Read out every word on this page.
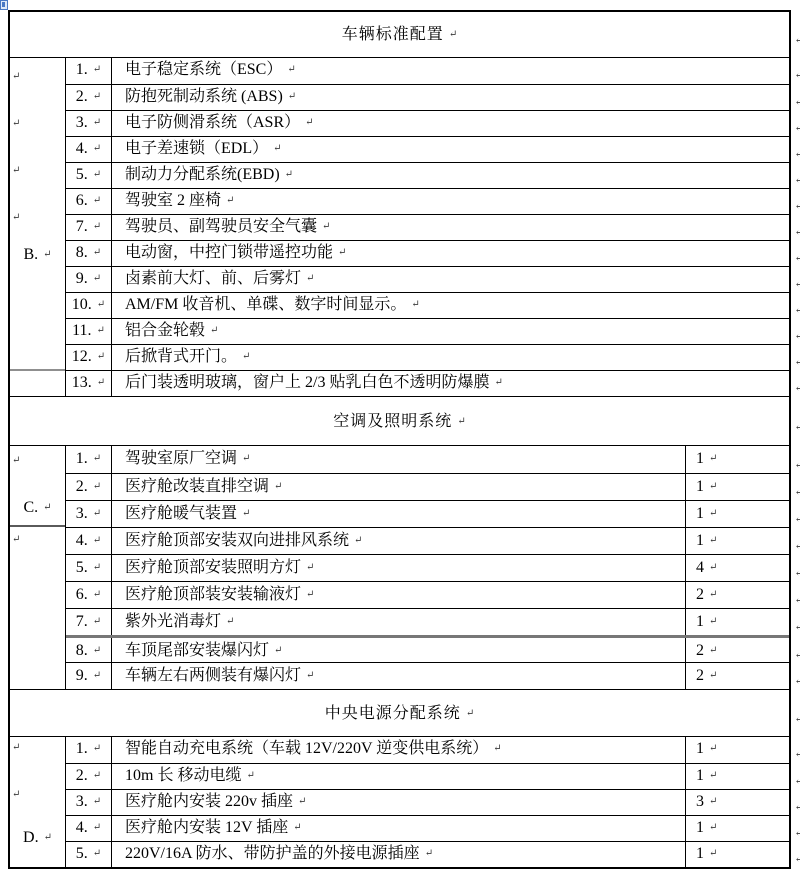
车辆标准配置 ↵ ↵
↵
↵
↵
↵
B. ↵
1. ↵	电子稳定系统（ESC） ↵
↵
2. ↵	防抱死制动系统 (ABS) ↵
↵
3. ↵	电子防侧滑系统（ASR） ↵
↵
4. ↵	电子差速锁（EDL） ↵
↵
5. ↵	制动力分配系统(EBD) ↵
↵
6. ↵	驾驶室 2 座椅 ↵
↵
7. ↵	驾驶员、副驾驶员安全气囊 ↵
↵
8. ↵	电动窗，中控门锁带遥控功能 ↵
↵
9. ↵	卤素前大灯、前、后雾灯 ↵
↵
10. ↵	AM/FM 收音机、单碟、数字时间显示。 ↵
↵
11. ↵	铝合金轮毂 ↵
↵
12. ↵	后掀背式开门。 ↵
↵
13. ↵	后门装透明玻璃，窗户上 2/3 贴乳白色不透明防爆膜 ↵
↵
空调及照明系统 ↵ ↵
↵
C. ↵
↵
1. ↵	驾驶室原厂空调 ↵	1 ↵
↵
2. ↵	医疗舱改装直排空调 ↵	1 ↵
↵
3. ↵	医疗舱暖气装置 ↵	1 ↵
↵
4. ↵	医疗舱顶部安装双向进排风系统 ↵	1 ↵
↵
5. ↵	医疗舱顶部安装照明方灯 ↵	4 ↵
↵
6. ↵	医疗舱顶部装安装输液灯 ↵	2 ↵
↵
7. ↵	紫外光消毒灯 ↵	1 ↵
↵
8. ↵	车顶尾部安装爆闪灯 ↵	2 ↵
↵
9. ↵	车辆左右两侧装有爆闪灯 ↵	2 ↵
↵
中央电源分配系统 ↵ ↵
↵
↵
D. ↵
1. ↵	智能自动充电系统（车载 12V/220V 逆变供电系统） ↵	1 ↵
↵
2. ↵	10m 长 移动电缆 ↵	1 ↵
↵
3. ↵	医疗舱内安装 220v 插座 ↵	3 ↵
↵
4. ↵	医疗舱内安装 12V 插座 ↵	1 ↵
↵
5. ↵	220V/16A 防水、带防护盖的外接电源插座 ↵	1 ↵
↵
